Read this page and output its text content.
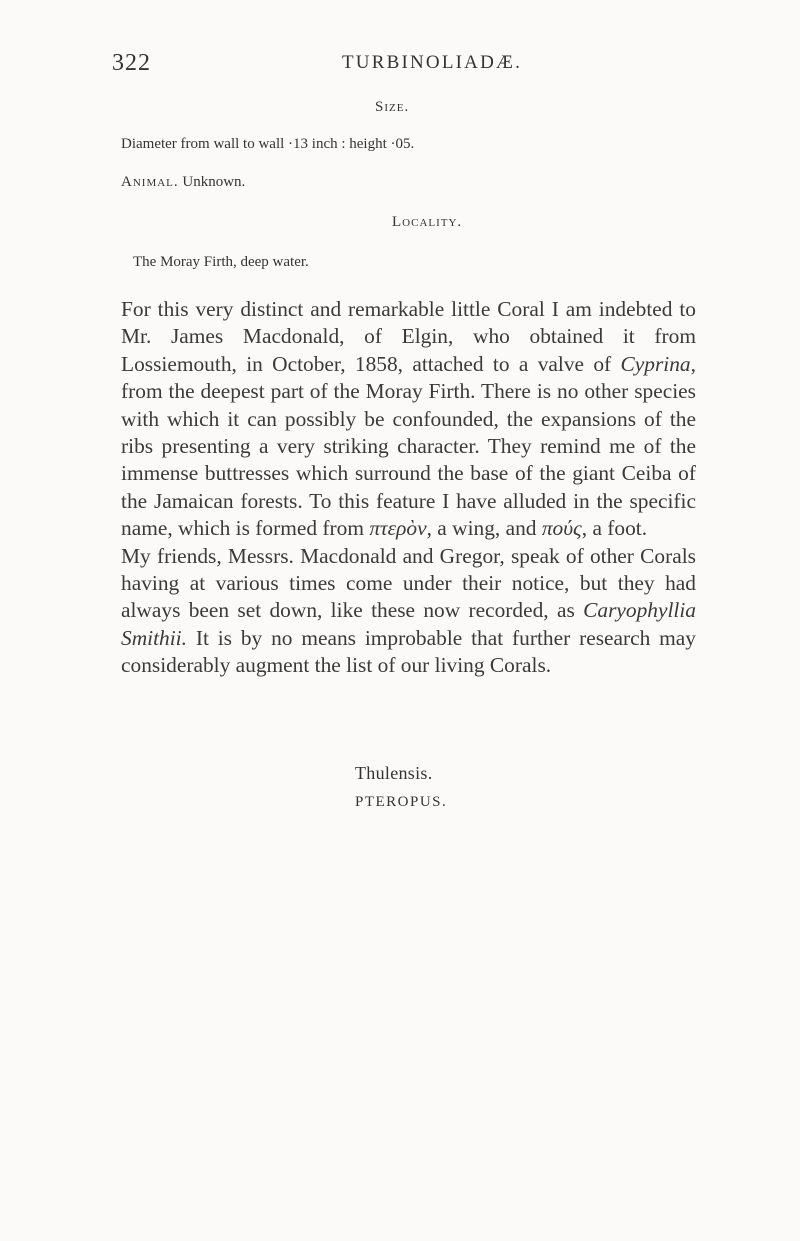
322	TURBINOLIADÆ.
Size.
Diameter from wall to wall ·13 inch : height ·05.
Animal. Unknown.
Locality.
The Moray Firth, deep water.

For this very distinct and remarkable little Coral I am indebted to Mr. James Macdonald, of Elgin, who obtained it from Lossiemouth, in October, 1858, attached to a valve of Cyprina, from the deepest part of the Moray Firth. There is no other species with which it can possibly be confounded, the expansions of the ribs presenting a very striking character. They remind me of the immense buttresses which surround the base of the giant Ceiba of the Jamaican forests. To this feature I have alluded in the specific name, which is formed from πτερὸν, a wing, and πούς, a foot.

My friends, Messrs. Macdonald and Gregor, speak of other Corals having at various times come under their notice, but they had always been set down, like these now recorded, as Caryophyllia Smithii. It is by no means improbable that further research may considerably augment the list of our living Corals.

Thulensis.
PTEROPUS.
